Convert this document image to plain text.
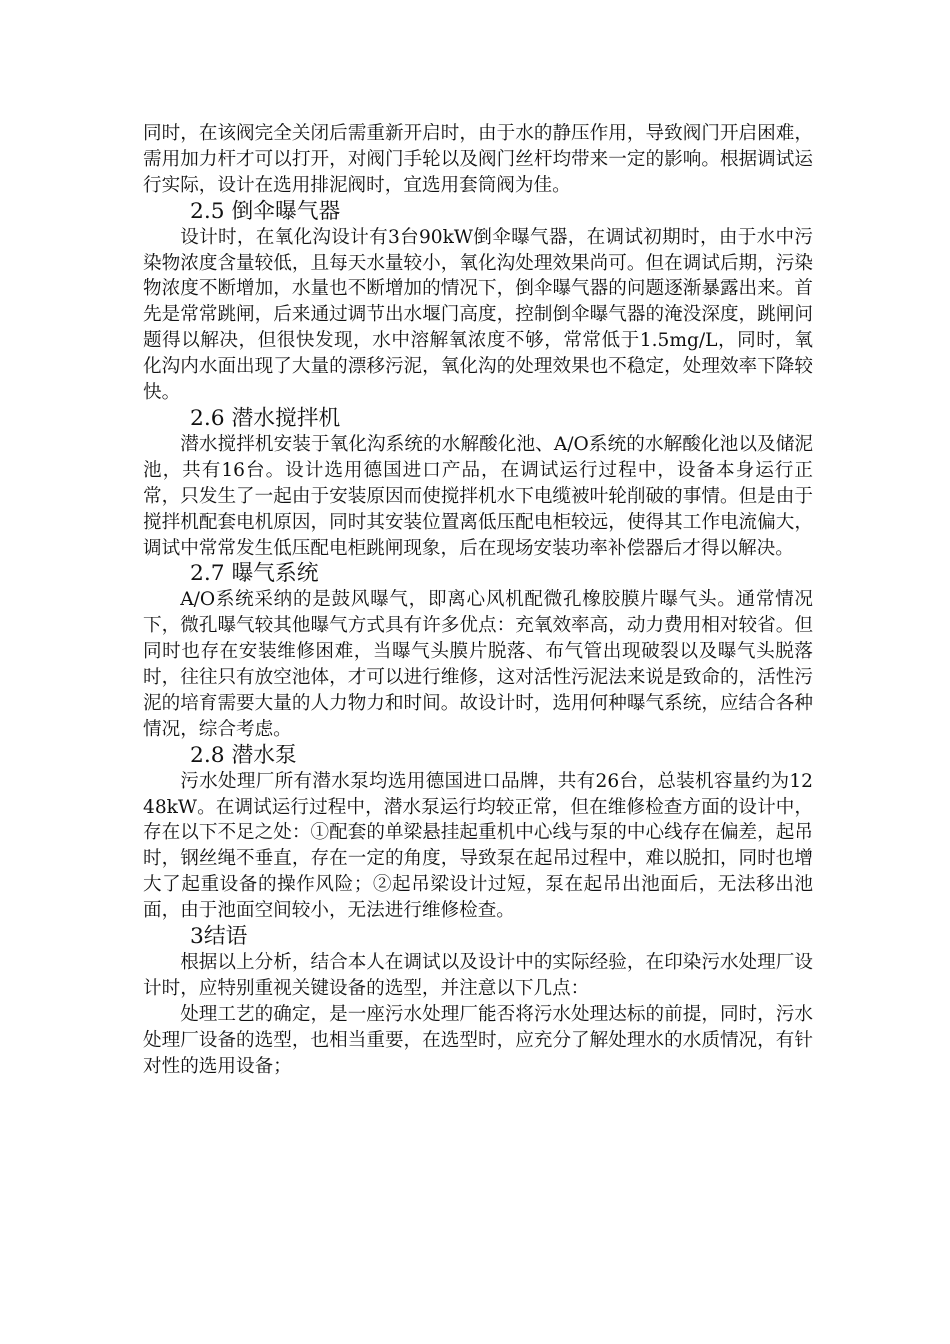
同时，在该阀完全关闭后需重新开启时，由于水的静压作用，导致阀门开启困难，需用加力杆才可以打开，对阀门手轮以及阀门丝杆均带来一定的影响。根据调试运行实际，设计在选用排泥阀时，宜选用套筒阀为佳。

2.5 倒伞曝气器

设计时，在氧化沟设计有3台90kW倒伞曝气器，在调试初期时，由于水中污染物浓度含量较低，且每天水量较小，氧化沟处理效果尚可。但在调试后期，污染物浓度不断增加，水量也不断增加的情况下，倒伞曝气器的问题逐渐暴露出来。首先是常常跳闸，后来通过调节出水堰门高度，控制倒伞曝气器的淹没深度，跳闸问题得以解决，但很快发现，水中溶解氧浓度不够，常常低于1.5mg/L，同时，氧化沟内水面出现了大量的漂移污泥，氧化沟的处理效果也不稳定，处理效率下降较快。

2.6 潜水搅拌机

潜水搅拌机安装于氧化沟系统的水解酸化池、A/O系统的水解酸化池以及储泥池，共有16台。设计选用德国进口产品，在调试运行过程中，设备本身运行正常，只发生了一起由于安装原因而使搅拌机水下电缆被叶轮削破的事情。但是由于搅拌机配套电机原因，同时其安装位置离低压配电柜较远，使得其工作电流偏大，调试中常常发生低压配电柜跳闸现象，后在现场安装功率补偿器后才得以解决。

2.7 曝气系统

A/O系统采纳的是鼓风曝气，即离心风机配微孔橡胶膜片曝气头。通常情况下，微孔曝气较其他曝气方式具有许多优点：充氧效率高，动力费用相对较省。但同时也存在安装维修困难，当曝气头膜片脱落、布气管出现破裂以及曝气头脱落时，往往只有放空池体，才可以进行维修，这对活性污泥法来说是致命的，活性污泥的培育需要大量的人力物力和时间。故设计时，选用何种曝气系统，应结合各种情况，综合考虑。

2.8 潜水泵

污水处理厂所有潜水泵均选用德国进口品牌，共有26台，总装机容量约为1248kW。在调试运行过程中，潜水泵运行均较正常，但在维修检查方面的设计中，存在以下不足之处：①配套的单梁悬挂起重机中心线与泵的中心线存在偏差，起吊时，钢丝绳不垂直，存在一定的角度，导致泵在起吊过程中，难以脱扣，同时也增大了起重设备的操作风险；②起吊梁设计过短，泵在起吊出池面后，无法移出池面，由于池面空间较小，无法进行维修检查。

3结语

根据以上分析，结合本人在调试以及设计中的实际经验，在印染污水处理厂设计时，应特别重视关键设备的选型，并注意以下几点：

处理工艺的确定，是一座污水处理厂能否将污水处理达标的前提，同时，污水处理厂设备的选型，也相当重要，在选型时，应充分了解处理水的水质情况，有针对性的选用设备；
